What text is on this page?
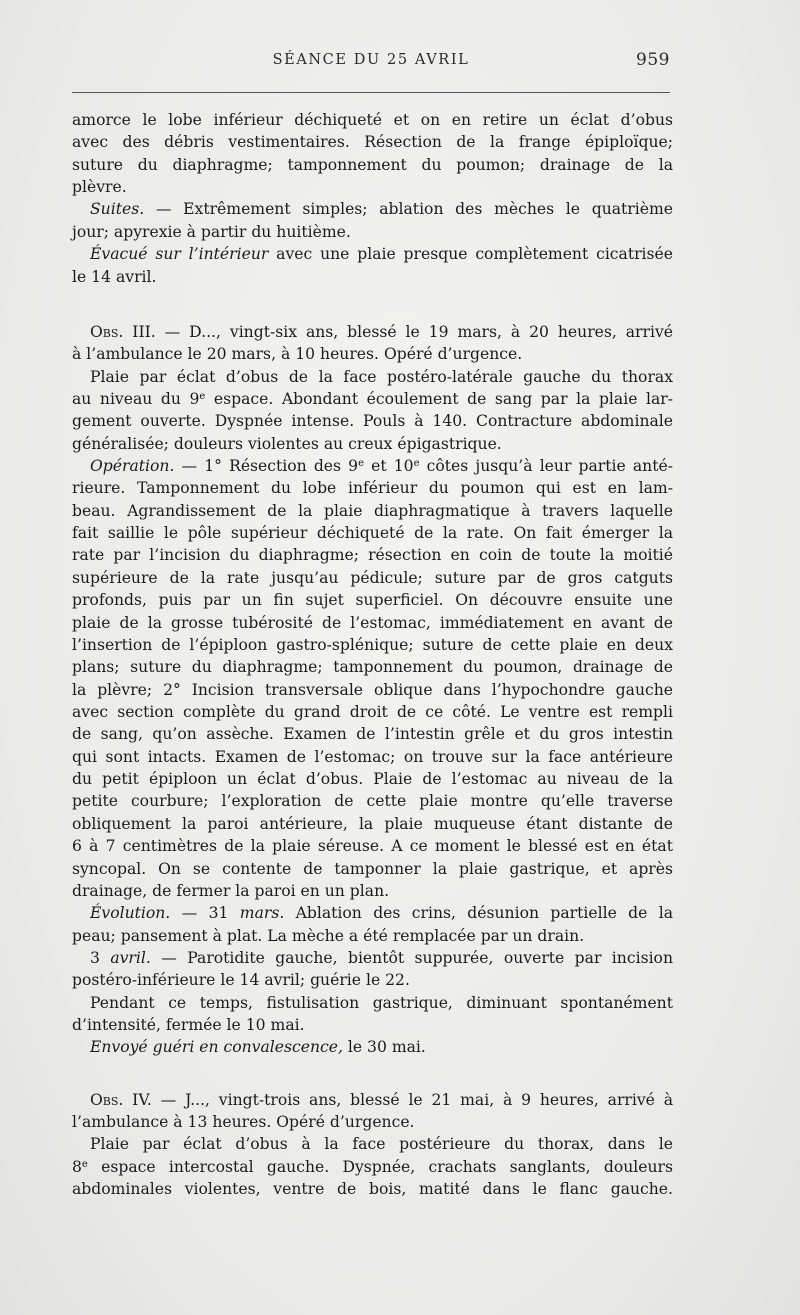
SÉANCE DU 25 AVRIL	959
amorce le lobe inférieur déchiqueté et on en retire un éclat d’obus
avec des débris vestimentaires. Résection de la frange épiploïque;
suture du diaphragme; tamponnement du poumon; drainage de la
plèvre.
Suites. — Extrêmement simples; ablation des mèches le quatrième
jour; apyrexie à partir du huitième.
Évacué sur l’intérieur avec une plaie presque complètement cicatrisée
le 14 avril.
Obs. III. — D..., vingt-six ans, blessé le 19 mars, à 20 heures, arrivé
à l’ambulance le 20 mars, à 10 heures. Opéré d’urgence.
Plaie par éclat d’obus de la face postéro-latérale gauche du thorax
au niveau du 9e espace. Abondant écoulement de sang par la plaie lar-
gement ouverte. Dyspnée intense. Pouls à 140. Contracture abdominale
généralisée; douleurs violentes au creux épigastrique.
Opération. — 1° Résection des 9e et 10e côtes jusqu’à leur partie anté-
rieure. Tamponnement du lobe inférieur du poumon qui est en lam-
beau. Agrandissement de la plaie diaphragmatique à travers laquelle
fait saillie le pôle supérieur déchiqueté de la rate. On fait émerger la
rate par l’incision du diaphragme; résection en coin de toute la moitié
supérieure de la rate jusqu’au pédicule; suture par de gros catguts
profonds, puis par un fin sujet superficiel. On découvre ensuite une
plaie de la grosse tubérosité de l’estomac, immédiatement en avant de
l’insertion de l’épiploon gastro-splénique; suture de cette plaie en deux
plans; suture du diaphragme; tamponnement du poumon, drainage de
la plèvre; 2° Incision transversale oblique dans l’hypochondre gauche
avec section complète du grand droit de ce côté. Le ventre est rempli
de sang, qu’on assèche. Examen de l’intestin grêle et du gros intestin
qui sont intacts. Examen de l’estomac; on trouve sur la face antérieure
du petit épiploon un éclat d’obus. Plaie de l’estomac au niveau de la
petite courbure; l’exploration de cette plaie montre qu’elle traverse
obliquement la paroi antérieure, la plaie muqueuse étant distante de
6 à 7 centimètres de la plaie séreuse. A ce moment le blessé est en état
syncopal. On se contente de tamponner la plaie gastrique, et après
drainage, de fermer la paroi en un plan.
Évolution. — 31 mars. Ablation des crins, désunion partielle de la
peau; pansement à plat. La mèche a été remplacée par un drain.
3 avril. — Parotidite gauche, bientôt suppurée, ouverte par incision
postéro-inférieure le 14 avril; guérie le 22.
Pendant ce temps, fistulisation gastrique, diminuant spontanément
d’intensité, fermée le 10 mai.
Envoyé guéri en convalescence, le 30 mai.
Obs. IV. — J..., vingt-trois ans, blessé le 21 mai, à 9 heures, arrivé à
l’ambulance à 13 heures. Opéré d’urgence.
Plaie par éclat d’obus à la face postérieure du thorax, dans le
8e espace intercostal gauche. Dyspnée, crachats sanglants, douleurs
abdominales violentes, ventre de bois, matité dans le flanc gauche.
